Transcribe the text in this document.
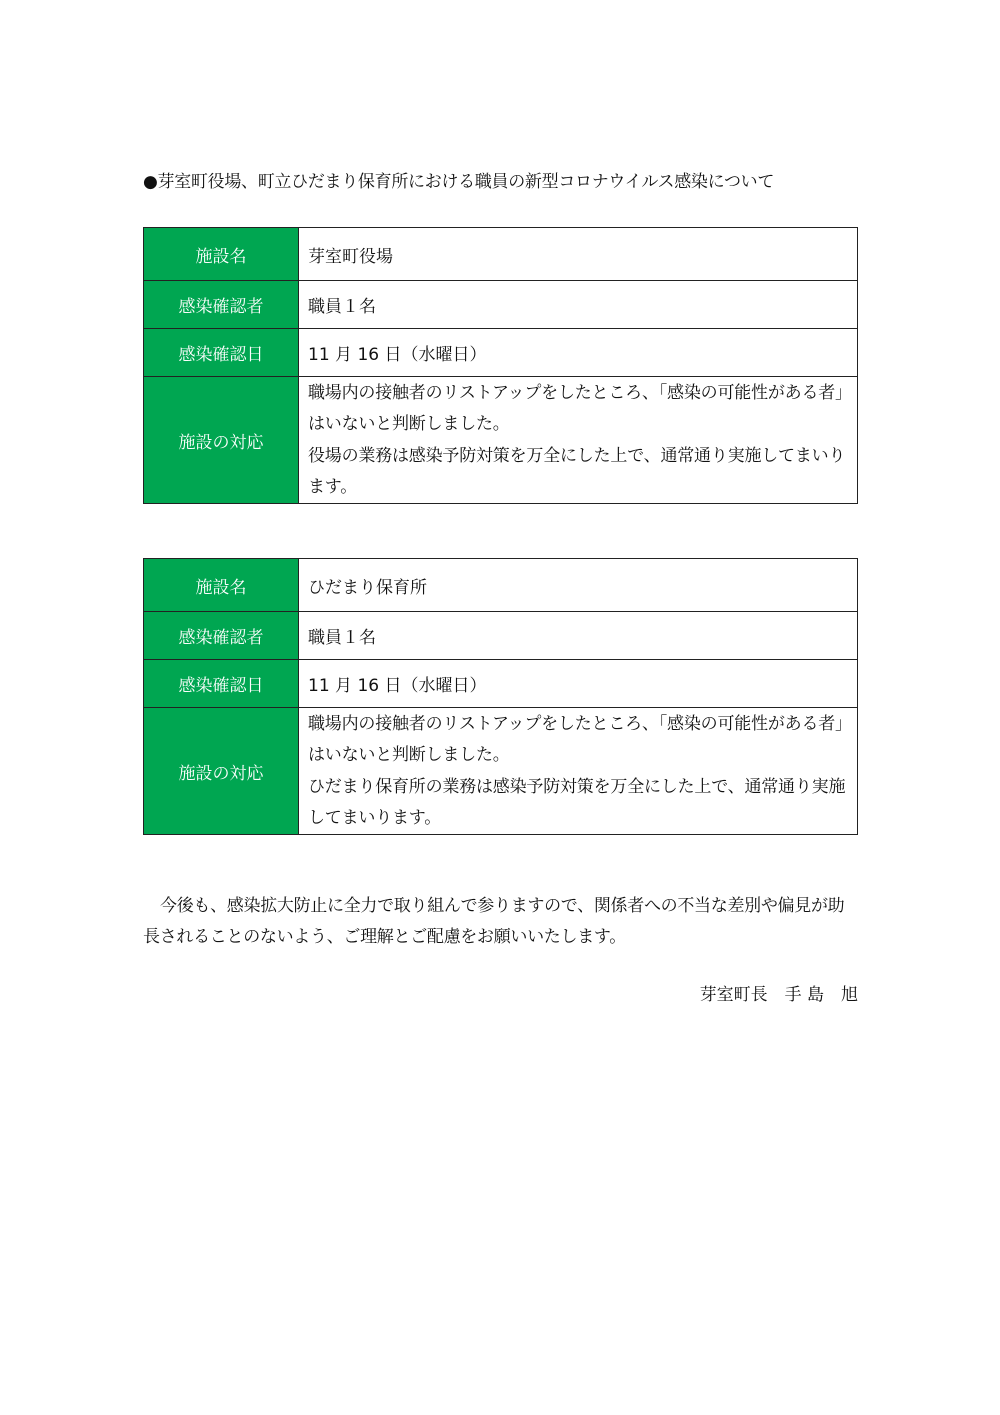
●芽室町役場、町立ひだまり保育所における職員の新型コロナウイルス感染について
施設名	芽室町役場
感染確認者	職員１名
感染確認日	11 月 16 日（水曜日）
施設の対応	職場内の接触者のリストアップをしたところ、「感染の可能性がある者」はいないと判断しました。
役場の業務は感染予防対策を万全にした上で、通常通り実施してまいります。
施設名	ひだまり保育所
感染確認者	職員１名
感染確認日	11 月 16 日（水曜日）
施設の対応	職場内の接触者のリストアップをしたところ、「感染の可能性がある者」はいないと判断しました。
ひだまり保育所の業務は感染予防対策を万全にした上で、通常通り実施してまいります。
今後も、感染拡大防止に全力で取り組んで参りますので、関係者への不当な差別や偏見が助長されることのないよう、ご理解とご配慮をお願いいたします。
芽室町長　手 島　旭
